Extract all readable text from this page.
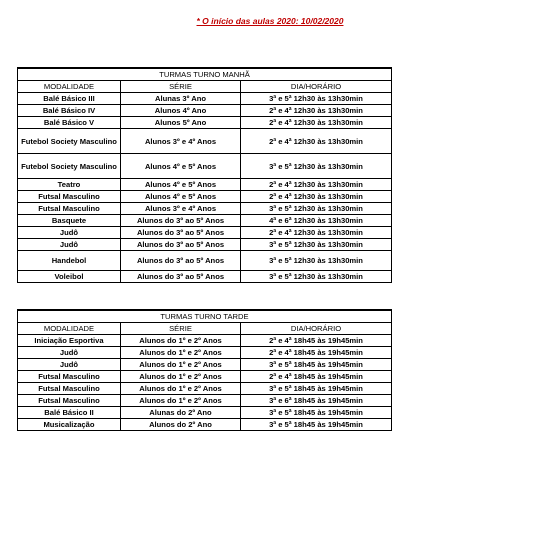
* O início das aulas 2020: 10/02/2020
TURMAS TURNO MANHÃ		
MODALIDADE	SÉRIE	DIA/HORÁRIO
Balé Básico III	Alunas 3º Ano	3ª e 5ª 12h30 às 13h30min
Balé Básico IV	Alunos 4º Ano	2ª e 4ª 12h30 às 13h30min
Balé Básico V	Alunos 5º Ano	2ª e 4ª 12h30 às 13h30min
Futebol Society Masculino	Alunos 3º e 4º Anos	2ª e 4ª 12h30 às 13h30min
Futebol Society Masculino	Alunos 4º e 5º Anos	3ª e 5ª 12h30 às 13h30min
Teatro	Alunos 4º e 5º Anos	2ª e 4ª 12h30 às 13h30min
Futsal Masculino	Alunos 4º e 5º Anos	2ª e 4ª 12h30 às 13h30min
Futsal Masculino	Alunos 3º e 4º Anos	3ª e 5ª 12h30 às 13h30min
Basquete	Alunos do 3º ao 5º Anos	4ª e 6ª 12h30 às 13h30min
Judô	Alunos do 3º ao 5º Anos	2ª e 4ª 12h30 às 13h30min
Judô	Alunos do 3º ao 5º Anos	3ª e 5ª 12h30 às 13h30min
Handebol	Alunos do 3º ao 5º Anos	3ª e 5ª 12h30 às 13h30min
Voleibol	Alunos do 3º ao 5º Anos	3ª e 5ª 12h30 às 13h30min
TURMAS TURNO TARDE		
MODALIDADE	SÉRIE	DIA/HORÁRIO
Iniciação Esportiva	Alunos do 1º e 2º Anos	2ª e 4ª 18h45 às 19h45min
Judô	Alunos do 1º e 2º Anos	2ª e 4ª 18h45 às 19h45min
Judô	Alunos do 1º e 2º Anos	3ª e 5ª 18h45 às 19h45min
Futsal Masculino	Alunos do 1º e 2º Anos	2ª e 4ª 18h45 às 19h45min
Futsal Masculino	Alunos do 1º e 2º Anos	3ª e 5ª 18h45 às 19h45min
Futsal Masculino	Alunos do 1º e 2º Anos	3ª e 6ª 18h45 às 19h45min
Balé Básico II	Alunas do 2º Ano	3ª e 5ª 18h45 às 19h45min
Musicalização	Alunos do 2º Ano	3ª e 5ª 18h45 às 19h45min
